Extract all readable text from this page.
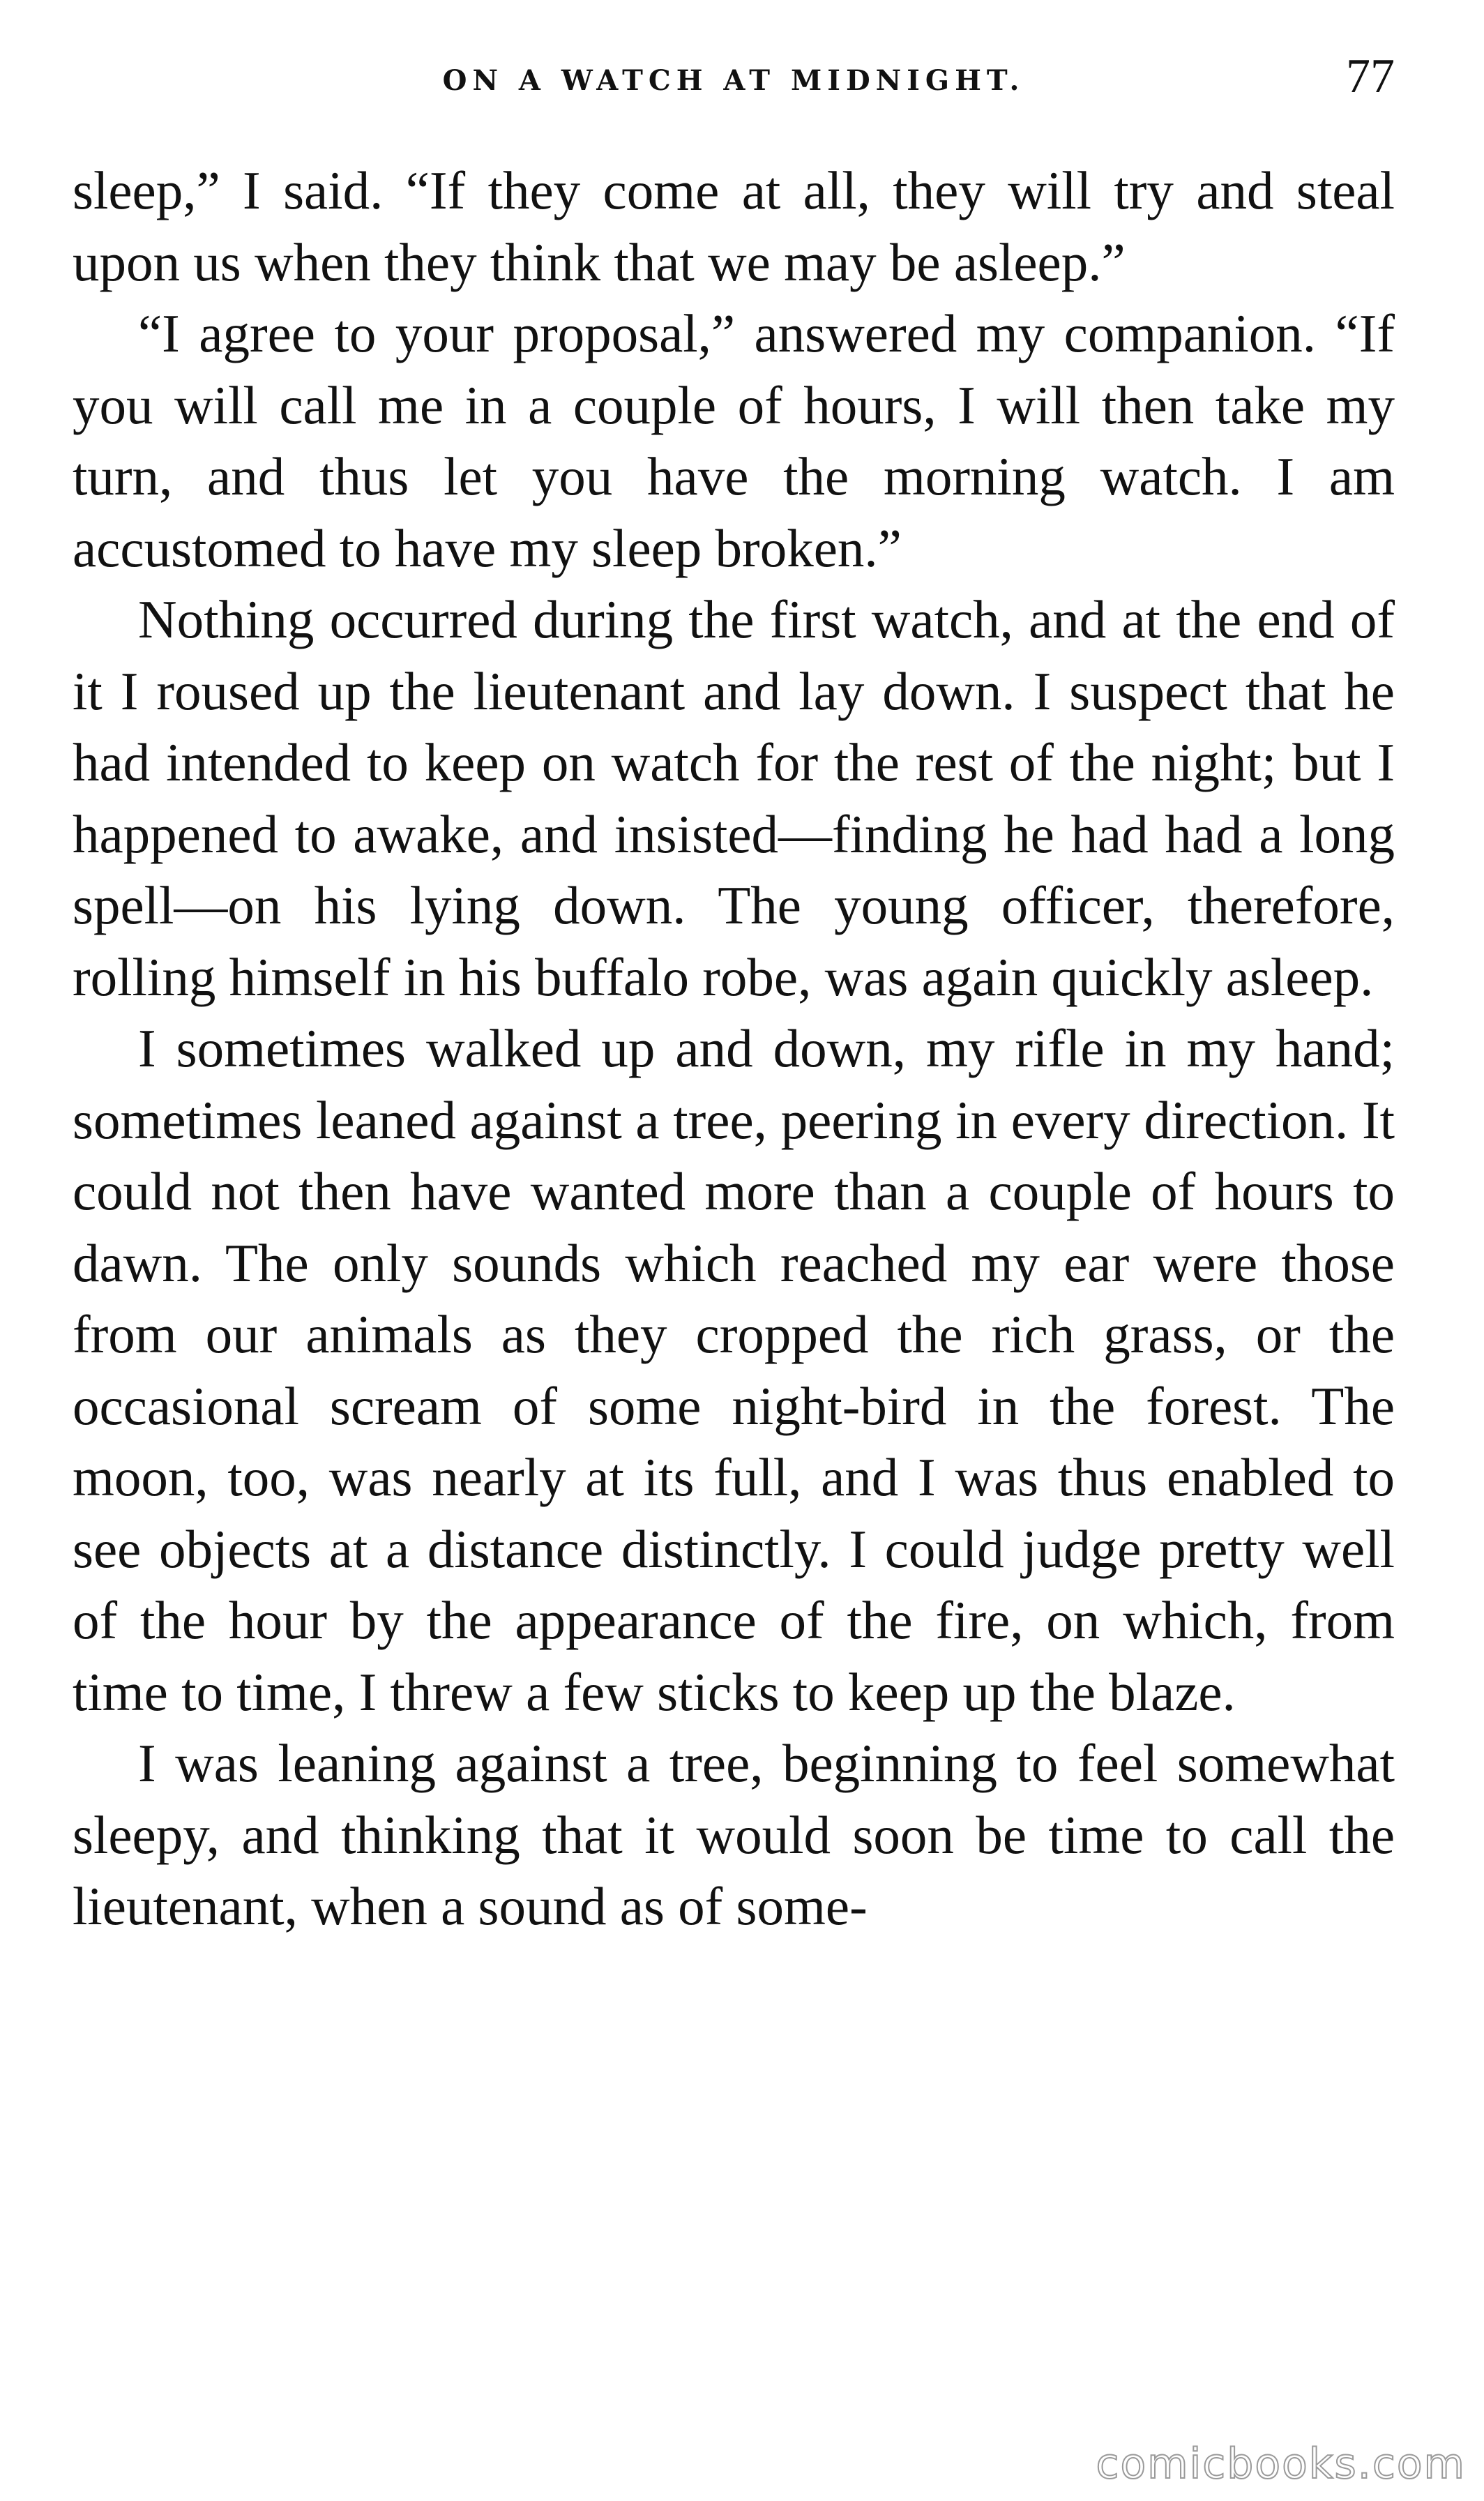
ON A WATCH AT MIDNIGHT.	77

sleep,” I said. “If they come at all, they will try and steal upon us when they think that we may be asleep.”

“I agree to your proposal,” answered my companion. “If you will call me in a couple of hours, I will then take my turn, and thus let you have the morning watch. I am accustomed to have my sleep broken.”

Nothing occurred during the first watch, and at the end of it I roused up the lieutenant and lay down. I suspect that he had intended to keep on watch for the rest of the night; but I happened to awake, and insisted—finding he had had a long spell—on his lying down. The young officer, therefore, rolling himself in his buffalo robe, was again quickly asleep.

I sometimes walked up and down, my rifle in my hand; sometimes leaned against a tree, peering in every direction. It could not then have wanted more than a couple of hours to dawn. The only sounds which reached my ear were those from our animals as they cropped the rich grass, or the occasional scream of some night-bird in the forest. The moon, too, was nearly at its full, and I was thus enabled to see objects at a distance distinctly. I could judge pretty well of the hour by the appearance of the fire, on which, from time to time, I threw a few sticks to keep up the blaze.

I was leaning against a tree, beginning to feel somewhat sleepy, and thinking that it would soon be time to call the lieutenant, when a sound as of some-

comicbooks.com
